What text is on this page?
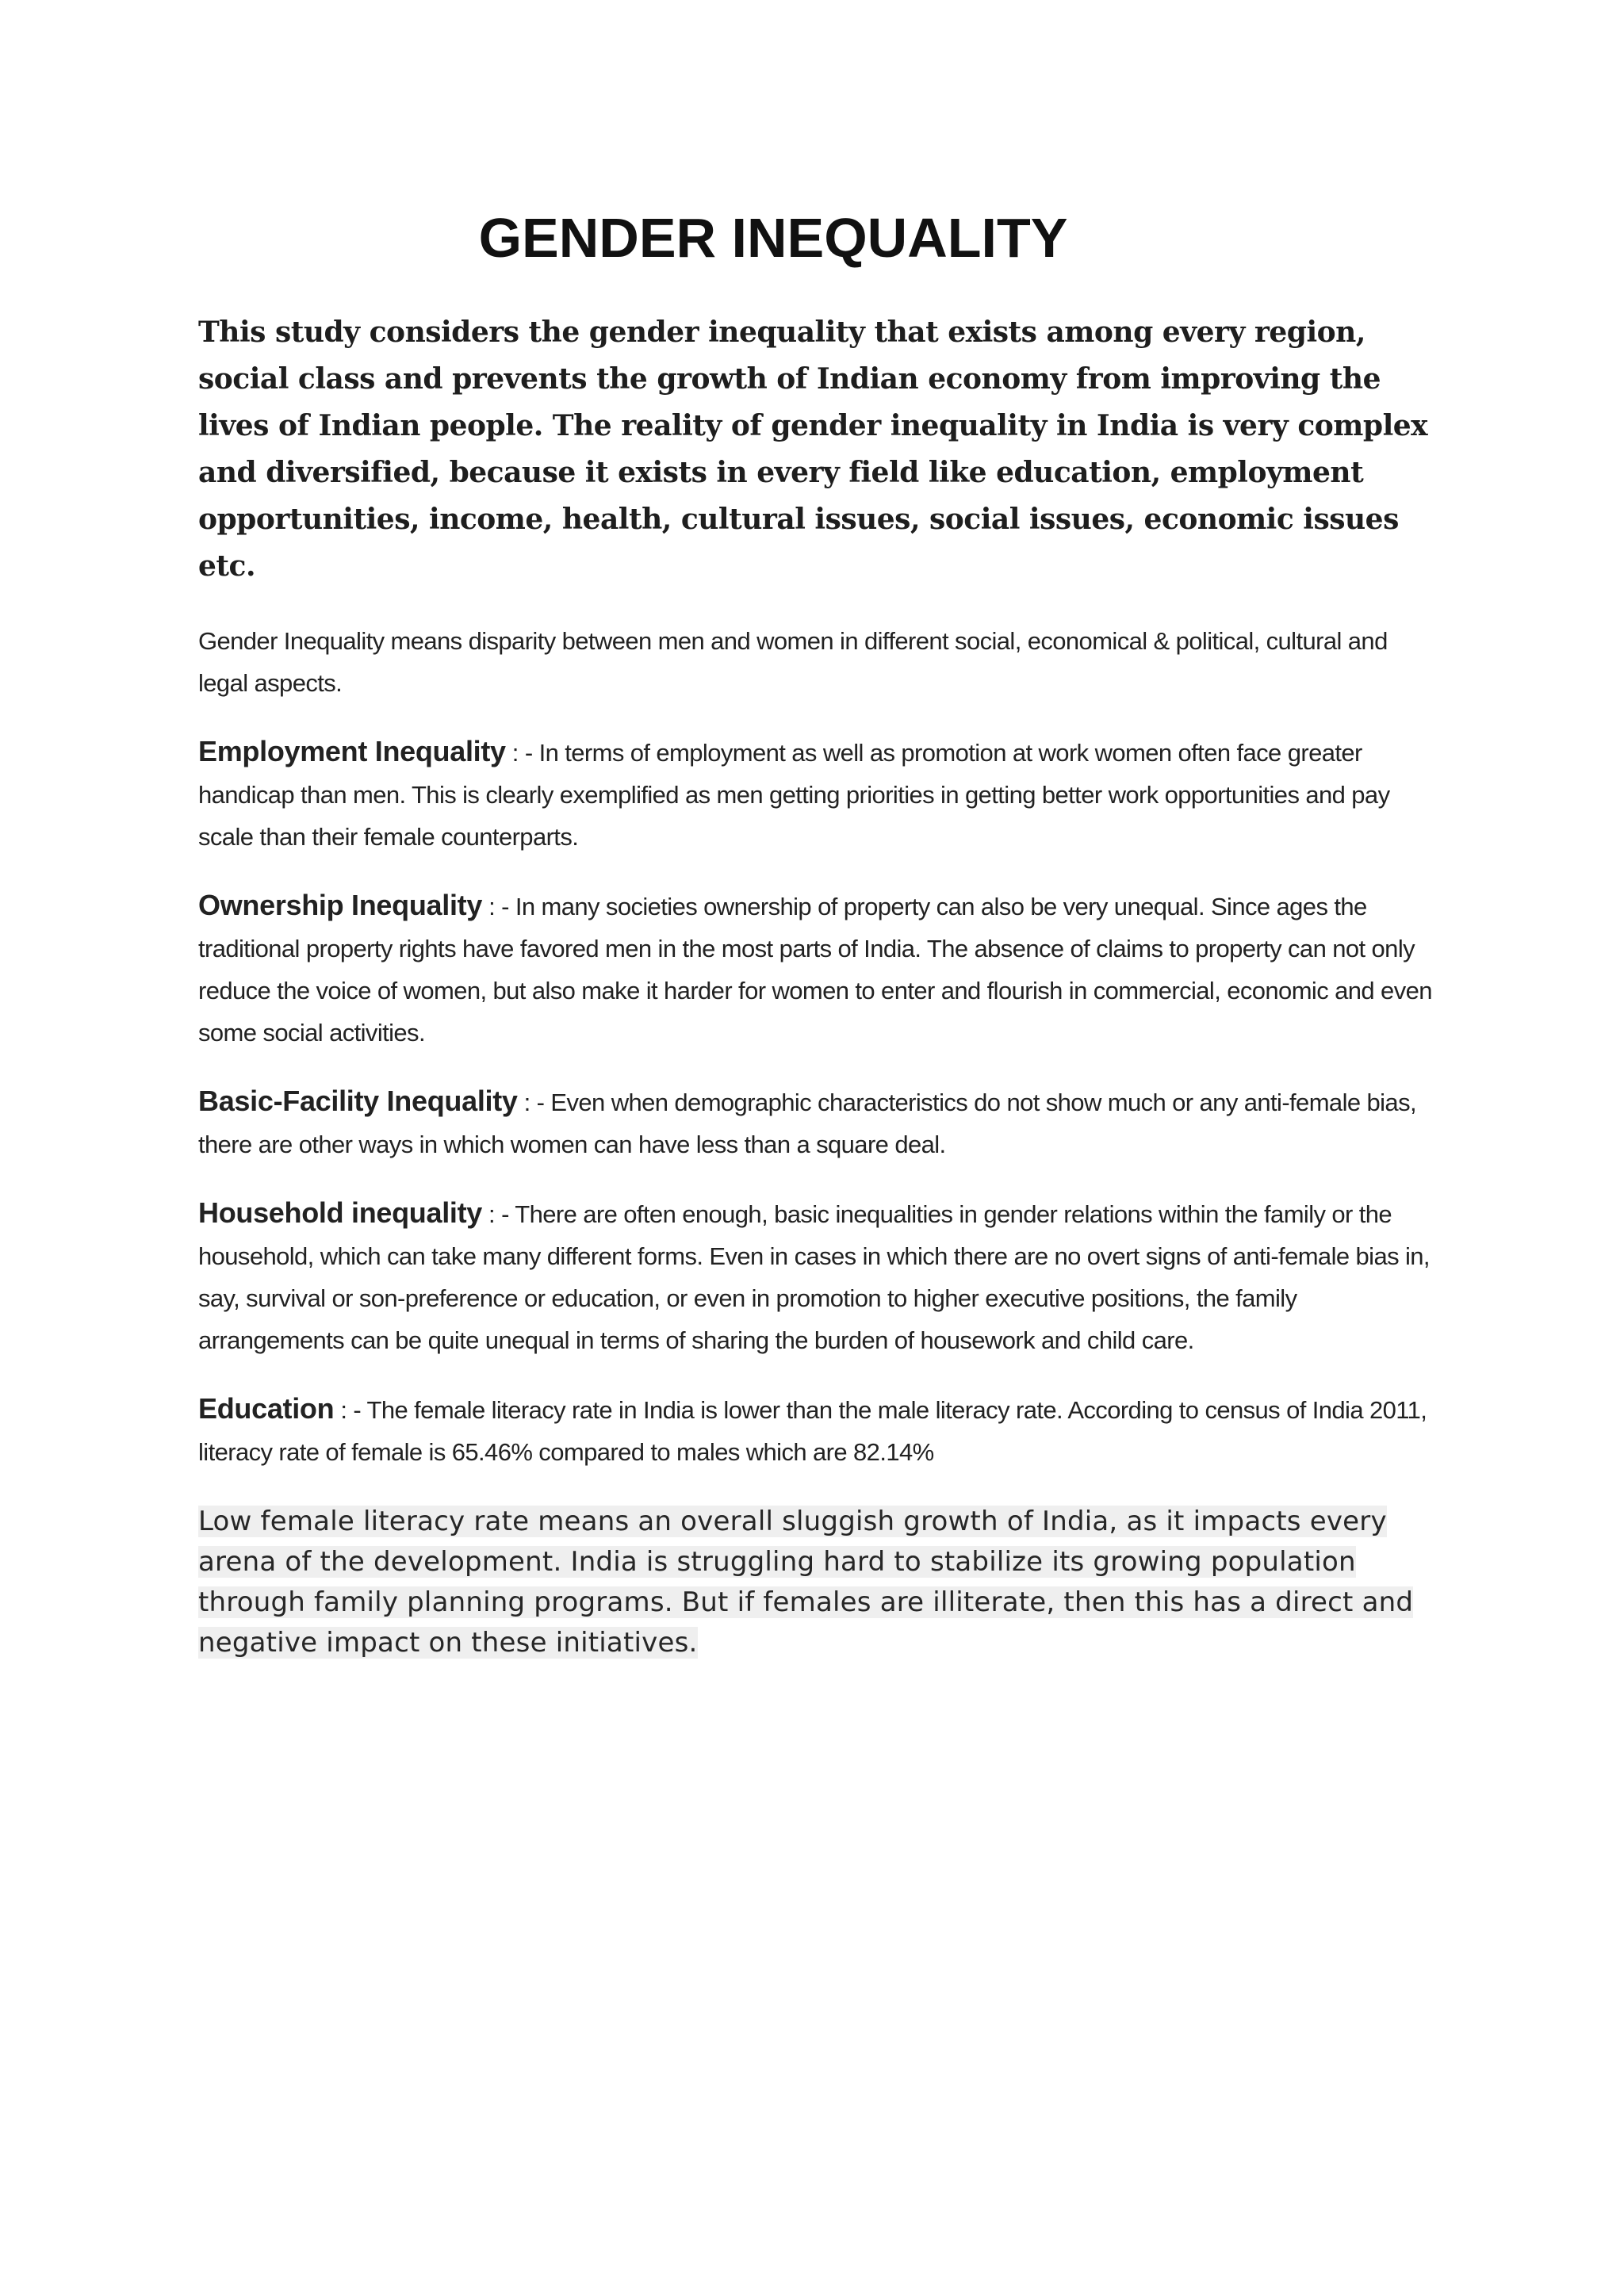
GENDER INEQUALITY

This study considers the gender inequality that exists among every region, social class and prevents the growth of Indian economy from improving the lives of Indian people. The reality of gender inequality in India is very complex and diversified, because it exists in every field like education, employment opportunities, income, health, cultural issues, social issues, economic issues etc.

Gender Inequality means disparity between men and women in different social, economical & political, cultural and legal aspects.

Employment Inequality : - In terms of employment as well as promotion at work women often face greater handicap than men. This is clearly exemplified as men getting priorities in getting better work opportunities and pay scale than their female counterparts.

Ownership Inequality : - In many societies ownership of property can also be very unequal. Since ages the traditional property rights have favored men in the most parts of India. The absence of claims to property can not only reduce the voice of women, but also make it harder for women to enter and flourish in commercial, economic and even some social activities.

Basic-Facility Inequality : - Even when demographic characteristics do not show much or any anti-female bias, there are other ways in which women can have less than a square deal.

Household inequality : - There are often enough, basic inequalities in gender relations within the family or the household, which can take many different forms. Even in cases in which there are no overt signs of anti-female bias in, say, survival or son-preference or education, or even in promotion to higher executive positions, the family arrangements can be quite unequal in terms of sharing the burden of housework and child care.

Education : - The female literacy rate in India is lower than the male literacy rate. According to census of India 2011, literacy rate of female is 65.46% compared to males which are 82.14%

Low female literacy rate means an overall sluggish growth of India, as it impacts every arena of the development. India is struggling hard to stabilize its growing population through family planning programs. But if females are illiterate, then this has a direct and negative impact on these initiatives.
